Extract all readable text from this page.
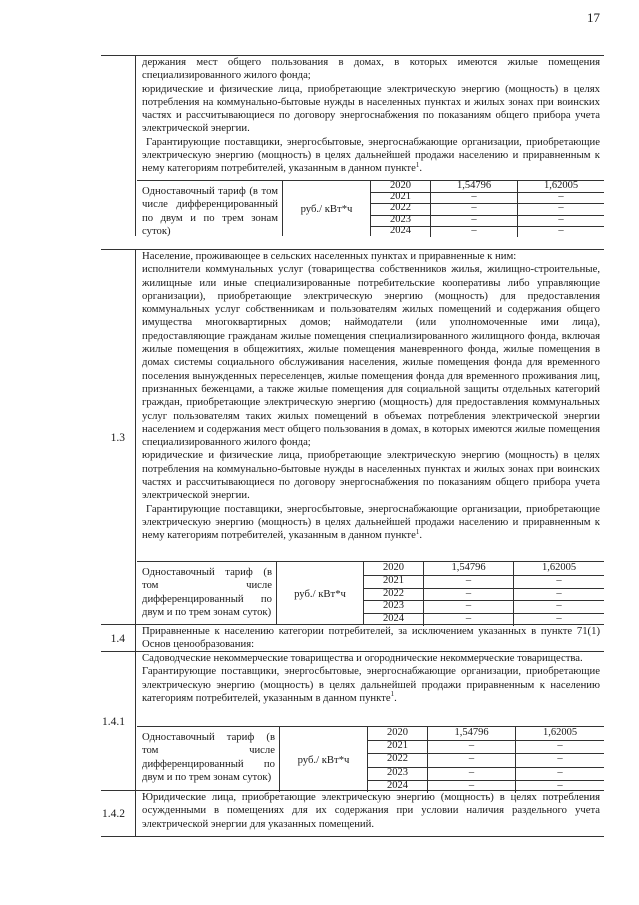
17

держания мест общего пользования в домах, в которых имеются жилые помещения специализированного жилого фонда;

юридические и физические лица, приобретающие электрическую энергию (мощность) в целях потребления на коммунально-бытовые нужды в населенных пунктах и жилых зонах при воинских частях и рассчитывающиеся по договору энергоснабжения по показаниям общего прибора учета электрической энергии.

Гарантирующие поставщики, энергосбытовые, энергоснабжающие организации, приобретающие электрическую энергию (мощность) в целях дальнейшей продажи населению и приравненным к нему категориям потребителей, указанным в данном пункте$^1$.

Одноставочный тариф (в том числе дифференцированный по двум и по трем зонам суток)
руб./ кВт*ч
2020	1,54796	1,62005
2021	–	–
2022	–	–
2023	–	–
2024	–	–
1.3

Население, проживающее в сельских населенных пунктах и приравненные к ним:

исполнители коммунальных услуг (товарищества собственников жилья, жилищно-строительные, жилищные или иные специализированные потребительские кооперативы либо управляющие организации), приобретающие электрическую энергию (мощность) для предоставления коммунальных услуг собственникам и пользователям жилых помещений и содержания общего имущества многоквартирных домов; наймодатели (или уполномоченные ими лица), предоставляющие гражданам жилые помещения специализированного жилищного фонда, включая жилые помещения в общежитиях, жилые помещения маневренного фонда, жилые помещения в домах системы социального обслуживания населения, жилые помещения фонда для временного поселения вынужденных переселенцев, жилые помещения фонда для временного проживания лиц, признанных беженцами, а также жилые помещения для социальной защиты отдельных категорий граждан, приобретающие электрическую энергию (мощность) для предоставления коммунальных услуг пользователям таких жилых помещений в объемах потребления электрической энергии населением и содержания мест общего пользования в домах, в которых имеются жилые помещения специализированного жилого фонда;

юридические и физические лица, приобретающие электрическую энергию (мощность) в целях потребления на коммунально-бытовые нужды в населенных пунктах и жилых зонах при воинских частях и рассчитывающиеся по договору энергоснабжения по показаниям общего прибора учета электрической энергии.

Гарантирующие поставщики, энергосбытовые, энергоснабжающие организации, приобретающие электрическую энергию (мощность) в целях дальнейшей продажи населению и приравненным к нему категориям потребителей, указанным в данном пункте$^1$.

Одноставочный тариф (в том числе дифференцированный по двум и по трем зонам суток)
руб./ кВт*ч
2020	1,54796	1,62005
2021	–	–
2022	–	–
2023	–	–
2024	–	–
1.4

Приравненные к населению категории потребителей, за исключением указанных в пункте 71(1) Основ ценообразования:

1.4.1

Садоводческие некоммерческие товарищества и огороднические некоммерческие товарищества.

Гарантирующие поставщики, энергосбытовые, энергоснабжающие организации, приобретающие электрическую энергию (мощность) в целях дальнейшей продажи приравненным к населению категориям потребителей, указанным в данном пункте$^1$.

Одноставочный тариф (в том числе дифференцированный по двум и по трем зонам суток)
руб./ кВт*ч
2020	1,54796	1,62005
2021	–	–
2022	–	–
2023	–	–
2024	–	–
1.4.2

Юридические лица, приобретающие электрическую энергию (мощность) в целях потребления осужденными в помещениях для их содержания при условии наличия раздельного учета электрической энергии для указанных помещений.
